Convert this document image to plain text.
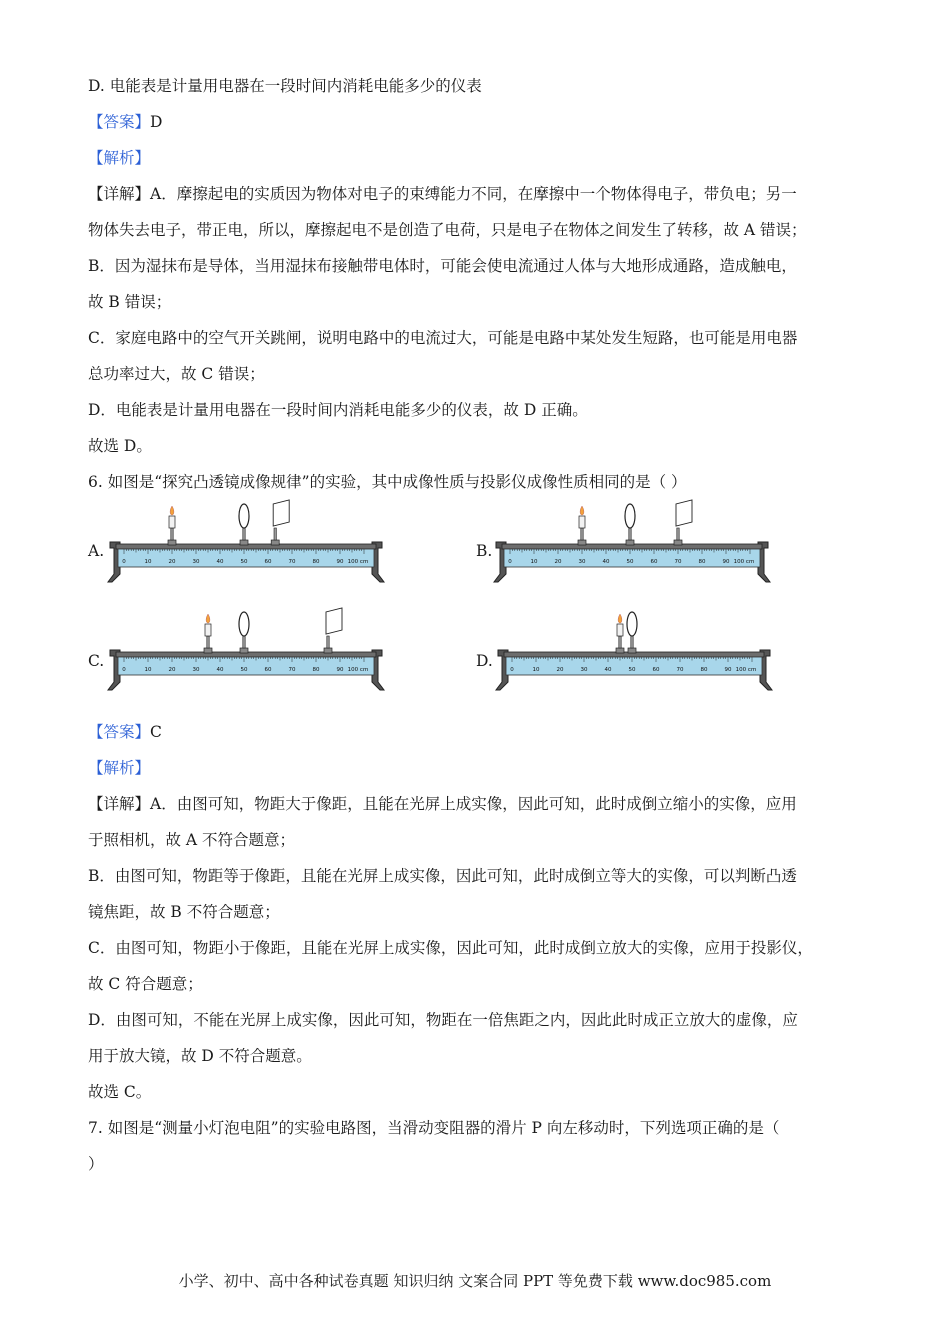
D. 电能表是计量用电器在一段时间内消耗电能多少的仪表
【答案】D
【解析】
【详解】A．摩擦起电的实质因为物体对电子的束缚能力不同，在摩擦中一个物体得电子，带负电；另一
物体失去电子，带正电，所以，摩擦起电不是创造了电荷，只是电子在物体之间发生了转移，故 A 错误；
B．因为湿抹布是导体，当用湿抹布接触带电体时，可能会使电流通过人体与大地形成通路，造成触电，
故 B 错误；
C．家庭电路中的空气开关跳闸，说明电路中的电流过大，可能是电路中某处发生短路，也可能是用电器
总功率过大，故 C 错误；
D．电能表是计量用电器在一段时间内消耗电能多少的仪表，故 D 正确。
故选 D。
6. 如图是“探究凸透镜成像规律”的实验，其中成像性质与投影仪成像性质相同的是（ ）
A.
0	10	20	30	40	50	60	70	80	90 100 cm
B.
0	10	20	30	40	50	60	70	80	90 100 cm
C.	0	10	20	30	40	50	60	70	80	90 100 cm	D.	0	10	20	30	40	50	60	70	80	90 100 cm
【答案】C
【解析】
【详解】A．由图可知，物距大于像距，且能在光屏上成实像，因此可知，此时成倒立缩小的实像，应用
于照相机，故 A 不符合题意；
B．由图可知，物距等于像距，且能在光屏上成实像，因此可知，此时成倒立等大的实像，可以判断凸透
镜焦距，故 B 不符合题意；
C．由图可知，物距小于像距，且能在光屏上成实像，因此可知，此时成倒立放大的实像，应用于投影仪，
故 C 符合题意；
D．由图可知，不能在光屏上成实像，因此可知，物距在一倍焦距之内，因此此时成正立放大的虚像，应
用于放大镜，故 D 不符合题意。
故选 C。
7. 如图是“测量小灯泡电阻”的实验电路图，当滑动变阻器的滑片 P 向左移动时，下列选项正确的是（
）
小学、初中、高中各种试卷真题 知识归纳 文案合同 PPT 等免费下载 www.doc985.com
